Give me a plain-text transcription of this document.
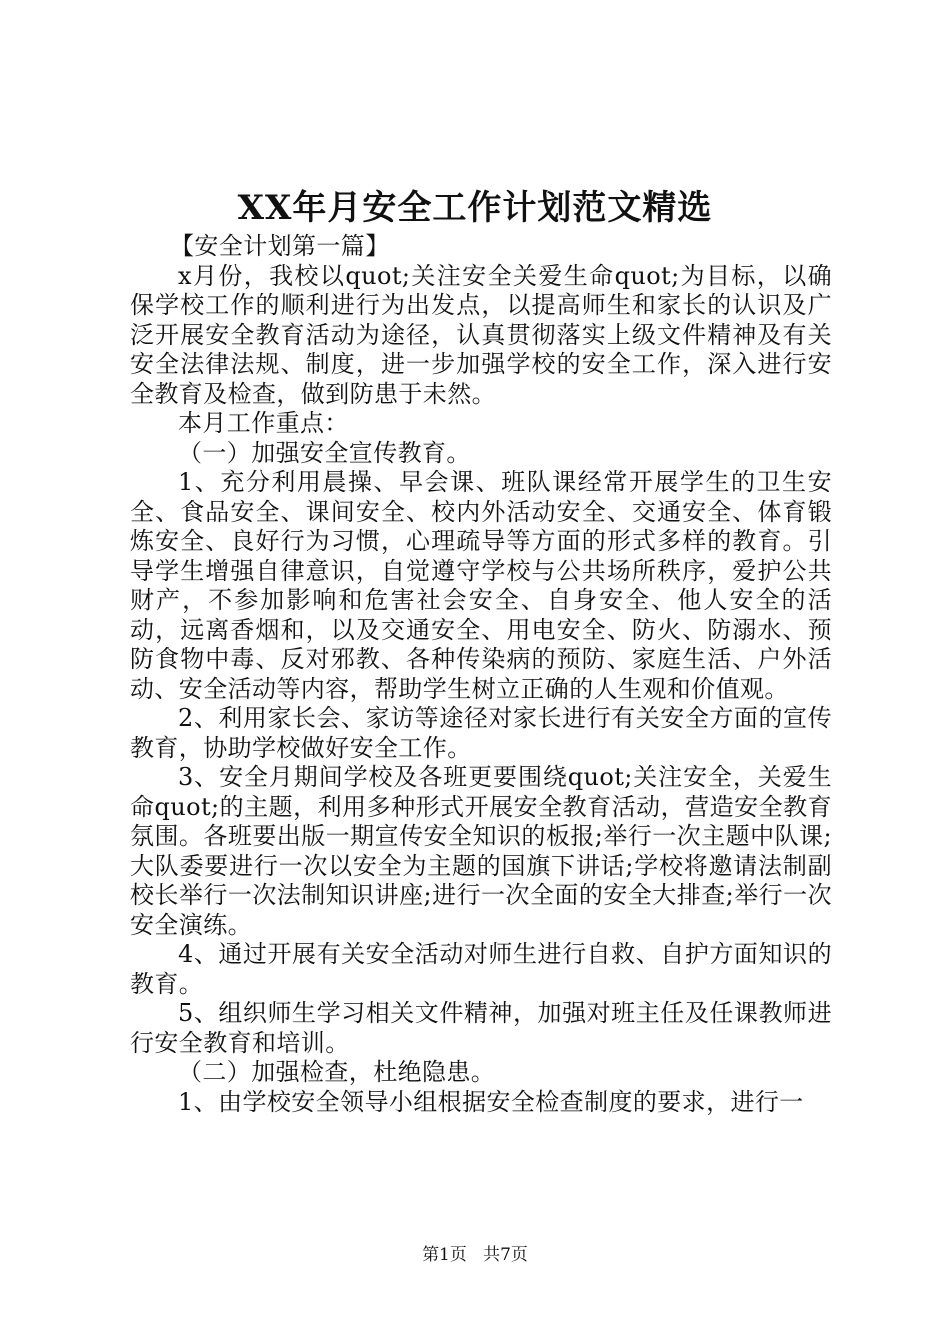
XX年月安全工作计划范文精选

【安全计划第一篇】

x月份，我校以quot;关注安全关爱生命quot;为目标，以确保学校工作的顺利进行为出发点，以提高师生和家长的认识及广泛开展安全教育活动为途径，认真贯彻落实上级文件精神及有关安全法律法规、制度，进一步加强学校的安全工作，深入进行安全教育及检查，做到防患于未然。

本月工作重点：

（一）加强安全宣传教育。

1、充分利用晨操、早会课、班队课经常开展学生的卫生安全、食品安全、课间安全、校内外活动安全、交通安全、体育锻炼安全、良好行为习惯，心理疏导等方面的形式多样的教育。引导学生增强自律意识，自觉遵守学校与公共场所秩序，爱护公共财产，不参加影响和危害社会安全、自身安全、他人安全的活动，远离香烟和，以及交通安全、用电安全、防火、防溺水、预防食物中毒、反对邪教、各种传染病的预防、家庭生活、户外活动、安全活动等内容，帮助学生树立正确的人生观和价值观。

2、利用家长会、家访等途径对家长进行有关安全方面的宣传教育，协助学校做好安全工作。

3、安全月期间学校及各班更要围绕quot;关注安全，关爱生命quot;的主题，利用多种形式开展安全教育活动，营造安全教育氛围。各班要出版一期宣传安全知识的板报;举行一次主题中队课;大队委要进行一次以安全为主题的国旗下讲话;学校将邀请法制副校长举行一次法制知识讲座;进行一次全面的安全大排查;举行一次安全演练。

4、通过开展有关安全活动对师生进行自救、自护方面知识的教育。

5、组织师生学习相关文件精神，加强对班主任及任课教师进行安全教育和培训。

（二）加强检查，杜绝隐患。

1、由学校安全领导小组根据安全检查制度的要求，进行一

第1页 共7页
